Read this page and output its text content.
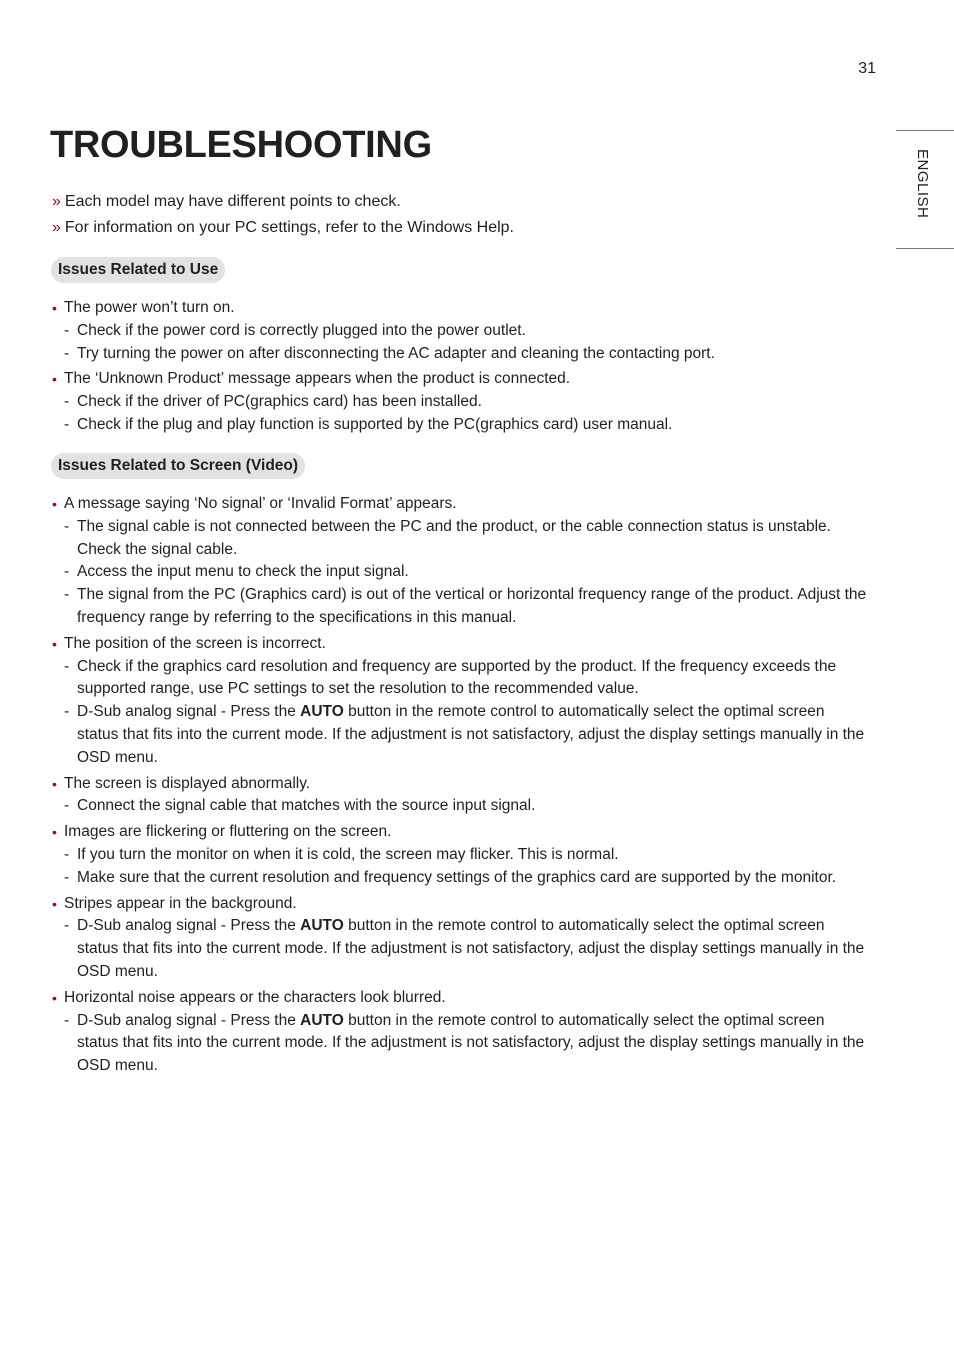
31
ENGLISH
TROUBLESHOOTING
» Each model may have different points to check.
» For information on your PC settings, refer to the Windows Help.
Issues Related to Use
• The power won’t turn on.
- Check if the power cord is correctly plugged into the power outlet.
- Try turning the power on after disconnecting the AC adapter and cleaning the contacting port.
• The ‘Unknown Product’ message appears when the product is connected.
- Check if the driver of PC(graphics card) has been installed.
- Check if the plug and play function is supported by the PC(graphics card) user manual.
Issues Related to Screen (Video)
• A message saying ‘No signal’ or ‘Invalid Format’ appears.
- The signal cable is not connected between the PC and the product, or the cable connection status is unstable. Check the signal cable.
- Access the input menu to check the input signal.
- The signal from the PC (Graphics card) is out of the vertical or horizontal frequency range of the product. Adjust the frequency range by referring to the specifications in this manual.
• The position of the screen is incorrect.
- Check if the graphics card resolution and frequency are supported by the product. If the frequency exceeds the supported range, use PC settings to set the resolution to the recommended value.
- D-Sub analog signal - Press the AUTO button in the remote control to automatically select the optimal screen status that fits into the current mode. If the adjustment is not satisfactory, adjust the display settings manually in the OSD menu.
• The screen is displayed abnormally.
- Connect the signal cable that matches with the source input signal.
• Images are flickering or fluttering on the screen.
- If you turn the monitor on when it is cold, the screen may flicker. This is normal.
- Make sure that the current resolution and frequency settings of the graphics card are supported by the monitor.
• Stripes appear in the background.
- D-Sub analog signal - Press the AUTO button in the remote control to automatically select the optimal screen status that fits into the current mode. If the adjustment is not satisfactory, adjust the display settings manually in the OSD menu.
• Horizontal noise appears or the characters look blurred.
- D-Sub analog signal - Press the AUTO button in the remote control to automatically select the optimal screen status that fits into the current mode. If the adjustment is not satisfactory, adjust the display settings manually in the OSD menu.
